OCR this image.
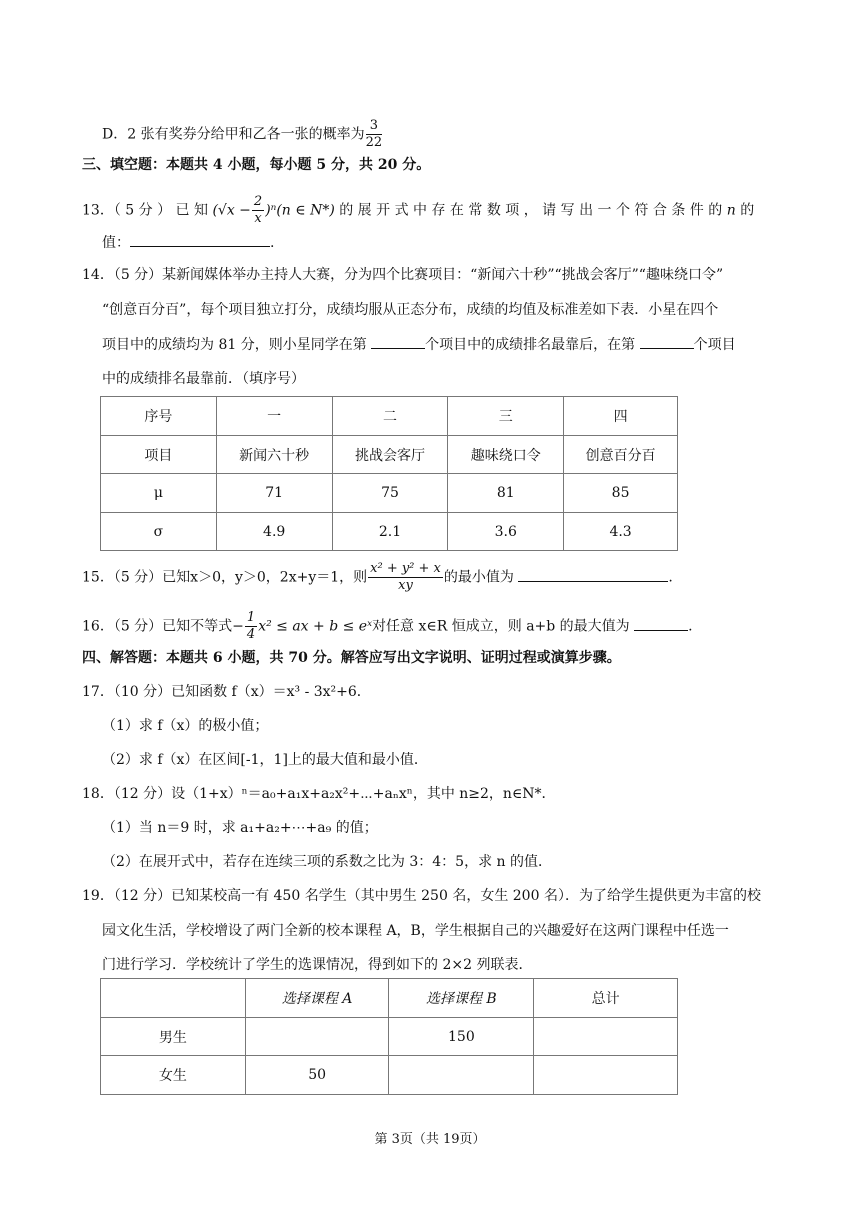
D．2 张有奖券分给甲和乙各一张的概率为 $\frac{3}{22}$
三、填空题：本题共 4 小题，每小题 5 分，共 20 分。
13．（ 5 分 ） 已 知 $(√x - \frac{2}{x} )^n(n$ ∈ N*) 的 展 开 式 中 存 在 常 数 项 ， 请 写 出 一 个 符 合 条 件 的 n 的
值：	.
14．（5 分）某新闻媒体举办主持人大赛，分为四个比赛项目：“新闻六十秒”“挑战会客厅”“趣味绕口令”
“创意百分百”，每个项目独立打分，成绩均服从正态分布，成绩的均值及标准差如下表．小星在四个
项目中的成绩均为 81 分，则小星同学在第	个项目中的成绩排名最靠后，在第	个项目
中的成绩排名最靠前．（填序号）
序号	一	二	三	四
项目	新闻六十秒	挑战会客厅	趣味绕口令	创意百分百
μ	71	75	81	85
σ	4.9	2.1	3.6	4.3
15．（5 分）已知x＞0，y＞0，2x+y＝1，则 $\frac{\text{x² + y² + x}}{xy}$ 的最小值为	.
16．（5 分）已知不等式− $\frac{1}{4} x^2$ ≤ ax + b ≤ eˣ对任意 x∈R 恒成立，则 a+b 的最大值为	.
四、解答题：本题共 6 小题，共 70 分。解答应写出文字说明、证明过程或演算步骤。
17．（10 分）已知函数 f（x）＝x³ ‐ 3x²+6．
（1）求 f（x）的极小值；
（2）求 f（x）在区间[‐1，1]上的最大值和最小值．
18．（12 分）设（1+x）ⁿ＝a₀+a₁x+a₂x²+⋯+aₙxⁿ，其中 n≥2，n∈N*．
（1）当 n＝9 时，求 a₁+a₂+⋯+a₉ 的值；
（2）在展开式中，若存在连续三项的系数之比为 3：4：5，求 n 的值．
19．（12 分）已知某校高一有 450 名学生（其中男生 250 名，女生 200 名）．为了给学生提供更为丰富的校
园文化生活，学校增设了两门全新的校本课程 A，B，学生根据自己的兴趣爱好在这两门课程中任选一
门进行学习．学校统计了学生的选课情况，得到如下的 2×2 列联表．
	选择课程 A	选择课程 B	总计
男生		150	
女生	50		
第 3页（共 19页）
